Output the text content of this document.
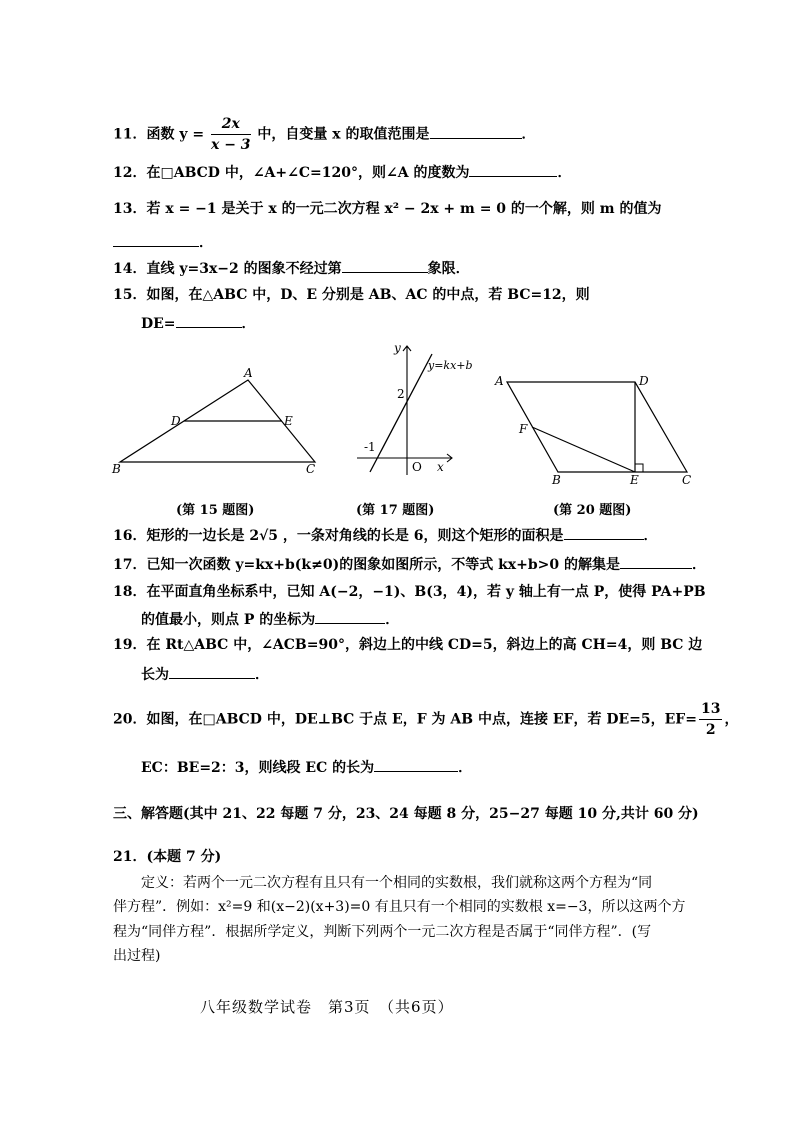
11．函数 $y = \frac{2x}{x - 3}$ 中，自变量 x 的取值范围是	．
12．在□ABCD 中，∠A+∠C=120°，则∠A 的度数为	．
13．若 x = −1 是关于 x 的一元二次方程 x² − 2x + m = 0 的一个解，则 m 的值为
．
14．直线 y=3x−2 的图象不经过第	象限．
15．如图，在△ABC 中，D、E 分别是 AB、AC 的中点，若 BC=12，则
DE=	．
A
B	C
D	E
(第 15 题图)
y
x
O
y=kx+b
2
-1
(第 17 题图)
A	D
F
B	E	C
(第 20 题图)
16．矩形的一边长是 2√5 ，一条对角线的长是 6，则这个矩形的面积是	．
17．已知一次函数 y=kx+b(k≠0)的图象如图所示，不等式 kx+b>0 的解集是	．
18．在平面直角坐标系中，已知 A(−2，−1)、B(3，4)，若 y 轴上有一点 P，使得 PA+PB
的值最小，则点 P 的坐标为	．
19．在 Rt△ABC 中，∠ACB=90°，斜边上的中线 CD=5，斜边上的高 CH=4，则 BC 边
长为	．
20．如图，在□ABCD 中，DE⊥BC 于点 E，F 为 AB 中点，连接 EF，若 DE=5，$EF= \frac{13}{2}$ ，
EC：BE=2：3，则线段 EC 的长为	．
三、解答题(其中 21、22 每题 7 分，23、24 每题 8 分，25−27 每题 10 分,共计 60 分)
21．(本题 7 分)
定义：若两个一元二次方程有且只有一个相同的实数根，我们就称这两个方程为“同
伴方程”．例如：x²=9 和(x−2)(x+3)=0 有且只有一个相同的实数根 x=−3，所以这两个方
程为“同伴方程”．根据所学定义，判断下列两个一元二次方程是否属于“同伴方程”．(写
出过程)
八年级数学试卷　第3页　（共6页）
